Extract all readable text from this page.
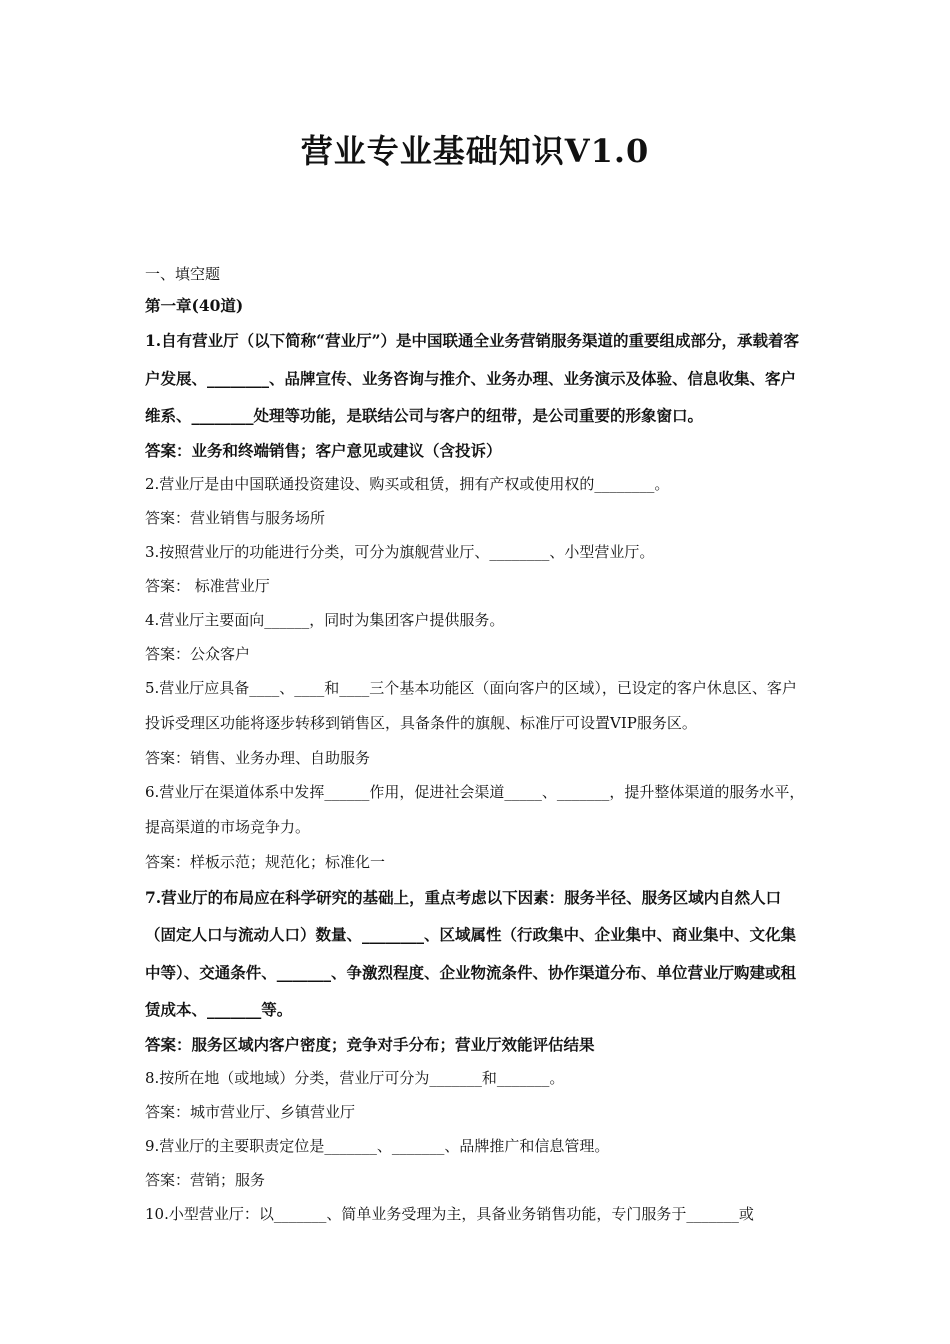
营业专业基础知识V1.0

一、填空题

第一章(40道)

1.自有营业厅（以下简称“营业厅”）是中国联通全业务营销服务渠道的重要组成部分，承载着客户发展、________、品牌宣传、业务咨询与推介、业务办理、业务演示及体验、信息收集、客户维系、________处理等功能，是联结公司与客户的纽带，是公司重要的形象窗口。

答案：业务和终端销售；客户意见或建议（含投诉）

2.营业厅是由中国联通投资建设、购买或租赁，拥有产权或使用权的________。

答案：营业销售与服务场所

3.按照营业厅的功能进行分类，可分为旗舰营业厅、________、小型营业厅。

答案： 标准营业厅

4.营业厅主要面向______，同时为集团客户提供服务。

答案：公众客户

5.营业厅应具备____、____和____三个基本功能区（面向客户的区域），已设定的客户休息区、客户投诉受理区功能将逐步转移到销售区，具备条件的旗舰、标准厅可设置VIP服务区。

答案：销售、业务办理、自助服务

6.营业厅在渠道体系中发挥______作用，促进社会渠道_____、_______，提升整体渠道的服务水平，提高渠道的市场竞争力。

答案：样板示范；规范化；标准化一

7.营业厅的布局应在科学研究的基础上，重点考虑以下因素：服务半径、服务区域内自然人口（固定人口与流动人口）数量、________、区域属性（行政集中、企业集中、商业集中、文化集中等）、交通条件、_______、争激烈程度、企业物流条件、协作渠道分布、单位营业厅购建或租赁成本、_______等。

答案：服务区域内客户密度；竞争对手分布；营业厅效能评估结果

8.按所在地（或地域）分类，营业厅可分为_______和_______。

答案：城市营业厅、乡镇营业厅

9.营业厅的主要职责定位是_______、_______、品牌推广和信息管理。

答案：营销；服务

10.小型营业厅：以_______、简单业务受理为主，具备业务销售功能，专门服务于_______或
